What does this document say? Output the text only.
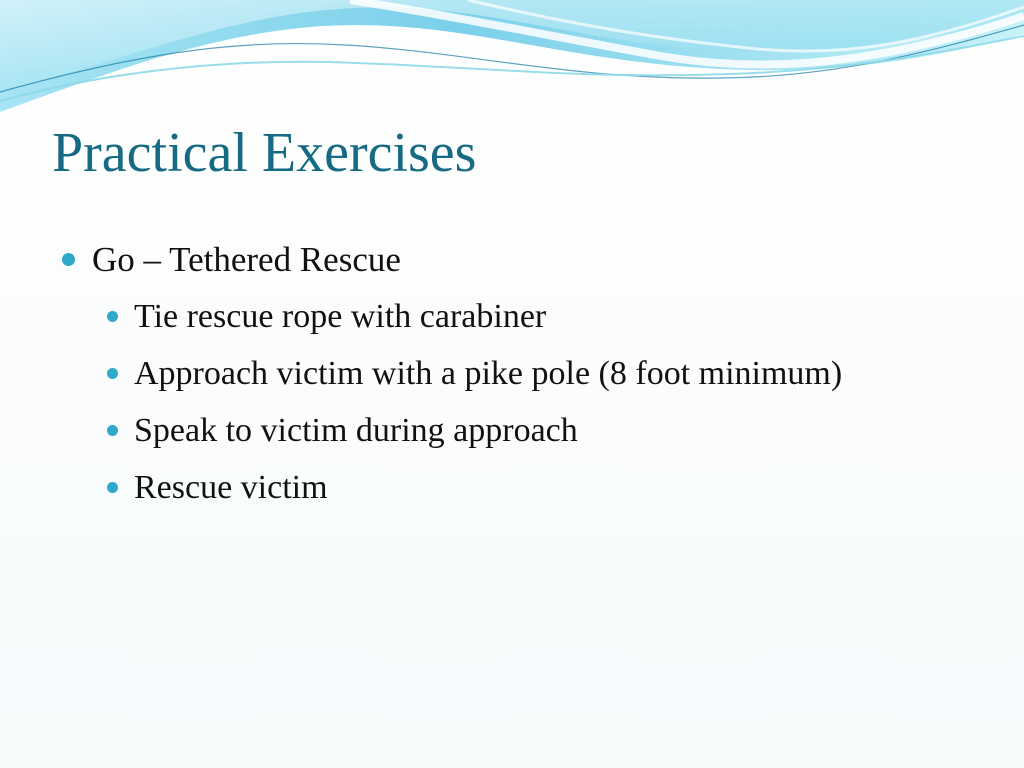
Practical Exercises
Go – Tethered Rescue
Tie rescue rope with carabiner
Approach victim with a pike pole (8 foot minimum)
Speak to victim during approach
Rescue victim
